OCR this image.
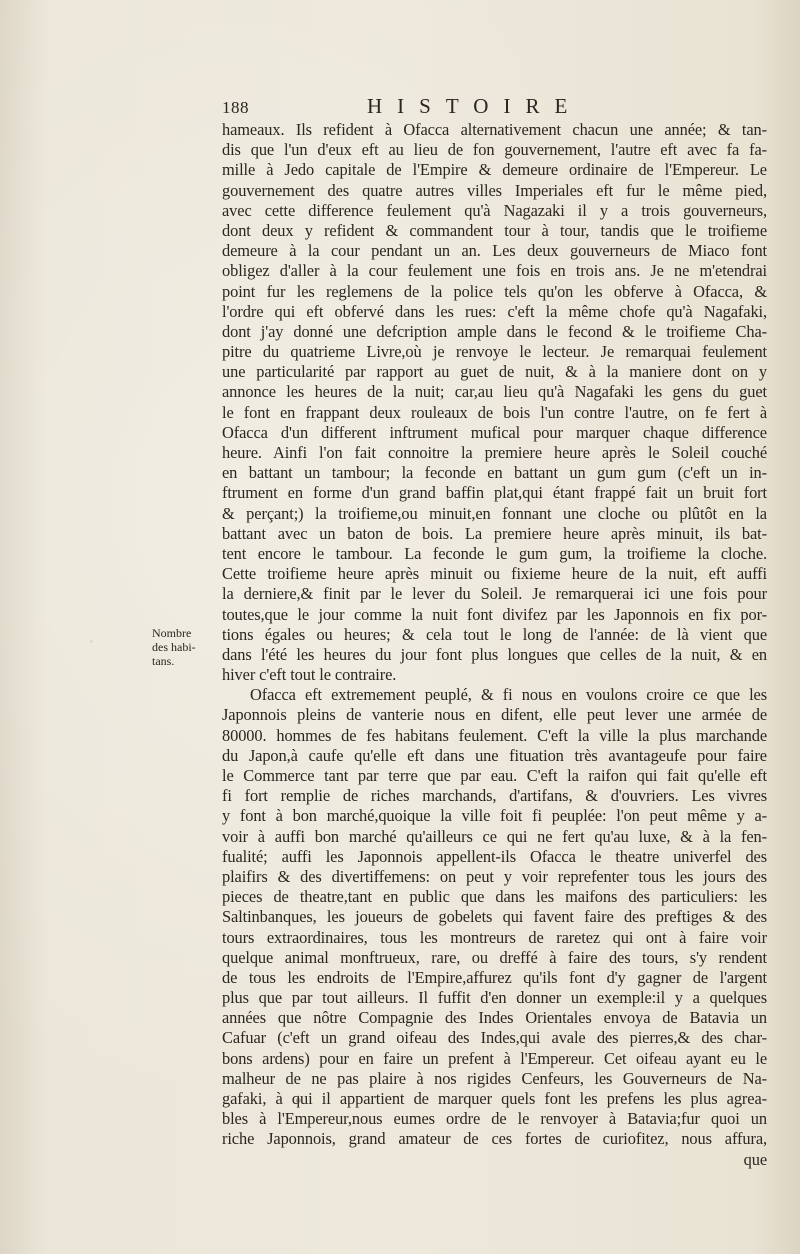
188	HISTOIRE
Nombre
des habi-
tans.
hameaux. Ils refident à Ofacca alternativement chacun une année; & tan-
dis que l'un d'eux eft au lieu de fon gouvernement, l'autre eft avec fa fa-
mille à Jedo capitale de l'Empire & demeure ordinaire de l'Empereur. Le
gouvernement des quatre autres villes Imperiales eft fur le même pied,
avec cette difference feulement qu'à Nagazaki il y a trois gouverneurs,
dont deux y refident & commandent tour à tour, tandis que le troifieme
demeure à la cour pendant un an. Les deux gouverneurs de Miaco font
obligez d'aller à la cour feulement une fois en trois ans. Je ne m'etendrai
point fur les reglemens de la police tels qu'on les obferve à Ofacca, &
l'ordre qui eft obfervé dans les rues: c'eft la même chofe qu'à Nagafaki,
dont j'ay donné une defcription ample dans le fecond & le troifieme Cha-
pitre du quatrieme Livre,où je renvoye le lecteur. Je remarquai feulement
une particularité par rapport au guet de nuit, & à la maniere dont on y
annonce les heures de la nuit; car,au lieu qu'à Nagafaki les gens du guet
le font en frappant deux rouleaux de bois l'un contre l'autre, on fe fert à
Ofacca d'un different inftrument mufical pour marquer chaque difference
heure. Ainfi l'on fait connoitre la premiere heure après le Soleil couché
en battant un tambour; la feconde en battant un gum gum (c'eft un in-
ftrument en forme d'un grand baffin plat,qui étant frappé fait un bruit fort
& perçant;) la troifieme,ou minuit,en fonnant une cloche ou plûtôt en la
battant avec un baton de bois. La premiere heure après minuit, ils bat-
tent encore le tambour. La feconde le gum gum, la troifieme la cloche.
Cette troifieme heure après minuit ou fixieme heure de la nuit, eft auffi
la derniere,& finit par le lever du Soleil. Je remarquerai ici une fois pour
toutes,que le jour comme la nuit font divifez par les Japonnois en fix por-
tions égales ou heures; & cela tout le long de l'année: de là vient que
dans l'été les heures du jour font plus longues que celles de la nuit, & en
hiver c'eft tout le contraire.
Ofacca eft extremement peuplé, & fi nous en voulons croire ce que les
Japonnois pleins de vanterie nous en difent, elle peut lever une armée de
80000. hommes de fes habitans feulement. C'eft la ville la plus marchande
du Japon,à caufe qu'elle eft dans une fituation très avantageufe pour faire
le Commerce tant par terre que par eau. C'eft la raifon qui fait qu'elle eft
fi fort remplie de riches marchands, d'artifans, & d'ouvriers. Les vivres
y font à bon marché,quoique la ville foit fi peuplée: l'on peut même y a-
voir à auffi bon marché qu'ailleurs ce qui ne fert qu'au luxe, & à la fen-
fualité; auffi les Japonnois appellent-ils Ofacca le theatre univerfel des
plaifirs & des divertiffemens: on peut y voir reprefenter tous les jours des
pieces de theatre,tant en public que dans les maifons des particuliers: les
Saltinbanques, les joueurs de gobelets qui favent faire des preftiges & des
tours extraordinaires, tous les montreurs de raretez qui ont à faire voir
quelque animal monftrueux, rare, ou dreffé à faire des tours, s'y rendent
de tous les endroits de l'Empire,affurez qu'ils font d'y gagner de l'argent
plus que par tout ailleurs. Il fuffit d'en donner un exemple:il y a quelques
années que nôtre Compagnie des Indes Orientales envoya de Batavia un
Cafuar (c'eft un grand oifeau des Indes,qui avale des pierres,& des char-
bons ardens) pour en faire un prefent à l'Empereur. Cet oifeau ayant eu le
malheur de ne pas plaire à nos rigides Cenfeurs, les Gouverneurs de Na-
gafaki, à qui il appartient de marquer quels font les prefens les plus agrea-
bles à l'Empereur,nous eumes ordre de le renvoyer à Batavia;fur quoi un
riche Japonnois, grand amateur de ces fortes de curiofitez, nous affura,
que
